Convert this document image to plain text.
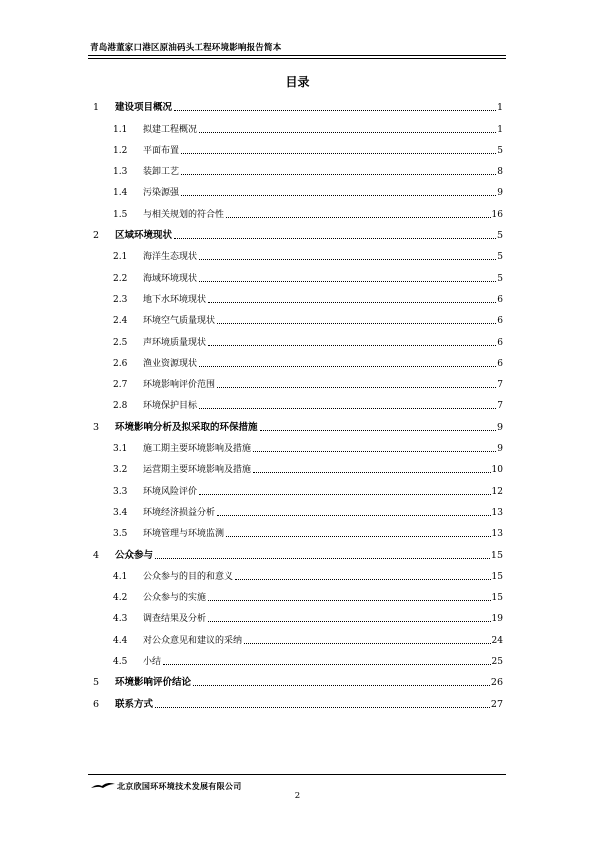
青岛港董家口港区原油码头工程环境影响报告简本
目录
1	建设项目概况	1
1.1	拟建工程概况	1
1.2	平面布置	5
1.3	装卸工艺	8
1.4	污染源强	9
1.5	与相关规划的符合性	16
2	区域环境现状	5
2.1	海洋生态现状	5
2.2	海域环境现状	5
2.3	地下水环境现状	6
2.4	环境空气质量现状	6
2.5	声环境质量现状	6
2.6	渔业资源现状	6
2.7	环境影响评价范围	7
2.8	环境保护目标	7
3	环境影响分析及拟采取的环保措施	9
3.1	施工期主要环境影响及措施	9
3.2	运营期主要环境影响及措施	10
3.3	环境风险评价	12
3.4	环境经济损益分析	13
3.5	环境管理与环境监测	13
4	公众参与	15
4.1	公众参与的目的和意义	15
4.2	公众参与的实施	15
4.3	调查结果及分析	19
4.4	对公众意见和建议的采纳	24
4.5	小结	25
5	环境影响评价结论	26
6	联系方式	27
北京欣国环环境技术发展有限公司
2
